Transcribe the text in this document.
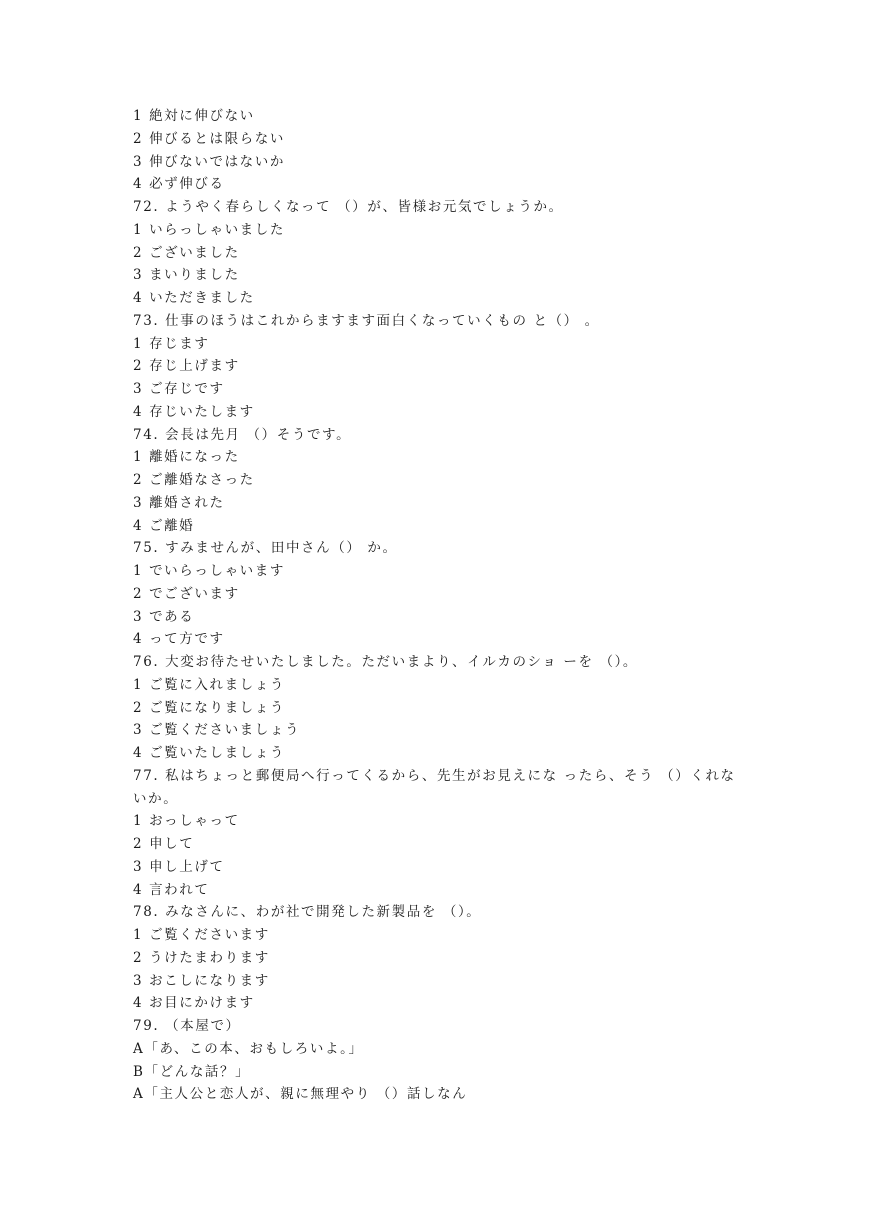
1 絶対に伸びない
2 伸びるとは限らない
3 伸びないではないか
4 必ず伸びる
72. ようやく春らしくなって （）が、皆様お元気でしょうか。
1 いらっしゃいました
2 ございました
3 まいりました
4 いただきました
73. 仕事のほうはこれからますます面白くなっていくもの と（） 。
1 存じます
2 存じ上げます
3 ご存じです
4 存じいたします
74. 会長は先月 （）そうです。
1 離婚になった
2 ご離婚なさった
3 離婚された
4 ご離婚
75. すみませんが、田中さん（） か。
1 でいらっしゃいます
2 でございます
3 である
4 って方です
76. 大変お待たせいたしました。ただいまより、イルカのショ ーを （）。
1 ご覧に入れましょう
2 ご覧になりましょう
3 ご覧くださいましょう
4 ご覧いたしましょう
77. 私はちょっと郵便局へ行ってくるから、先生がお見えにな ったら、そう （）くれな
いか。
1 おっしゃって
2 申して
3 申し上げて
4 言われて
78. みなさんに、わが社で開発した新製品を （）。
1 ご覧くださいます
2 うけたまわります
3 おこしになります
4 お目にかけます
79. （本屋で）
A「あ、この本、おもしろいよ。」
B「どんな話？」
A「主人公と恋人が、親に無理やり （）話しなん
